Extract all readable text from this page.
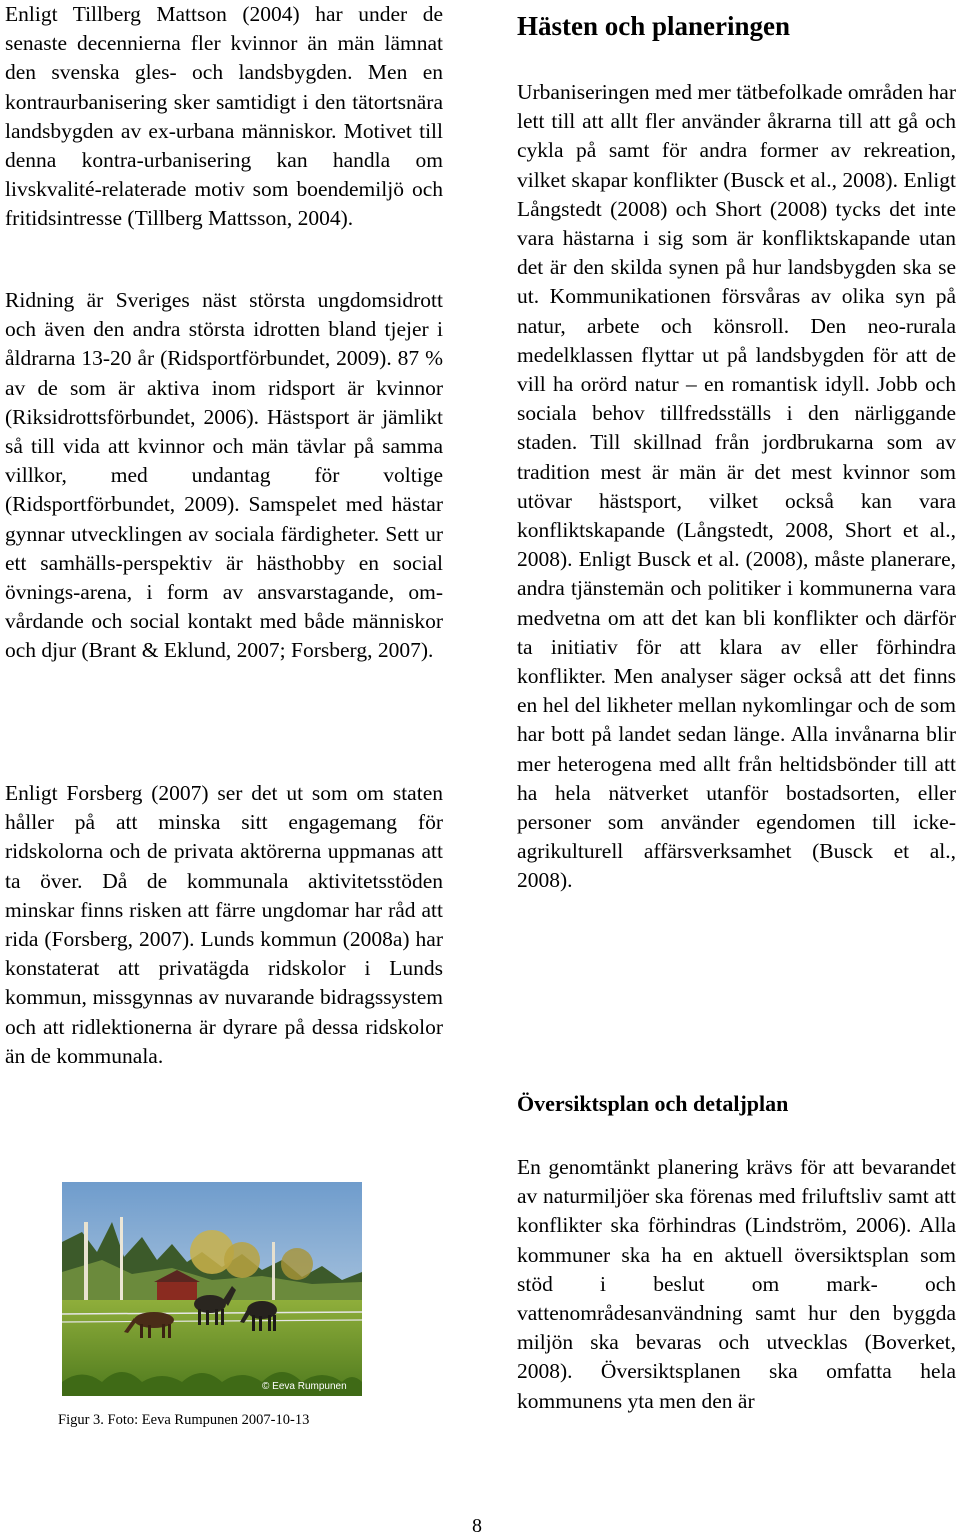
Enligt Tillberg Mattson (2004) har under de senaste decennierna fler kvinnor än män lämnat den svenska gles- och landsbygden. Men en kontraurbanisering sker samtidigt i den tätortsnära landsbygden av ex-urbana människor. Motivet till denna kontra-urbanisering kan handla om livskvalité-relaterade motiv som boendemiljö och fritidsintresse (Tillberg Mattsson, 2004).

Ridning är Sveriges näst största ungdomsidrott och även den andra största idrotten bland tjejer i åldrarna 13-20 år (Ridsportförbundet, 2009). 87 % av de som är aktiva inom ridsport är kvinnor (Riksidrottsförbundet, 2006). Hästsport är jämlikt så till vida att kvinnor och män tävlar på samma villkor, med undantag för voltige (Ridsportförbundet, 2009). Samspelet med hästar gynnar utvecklingen av sociala färdigheter. Sett ur ett samhälls-perspektiv är hästhobby en social övnings-arena, i form av ansvarstagande, om-vårdande och social kontakt med både människor och djur (Brant & Eklund, 2007; Forsberg, 2007).

Enligt Forsberg (2007) ser det ut som om staten håller på att minska sitt engagemang för ridskolorna och de privata aktörerna uppmanas att ta över. Då de kommunala aktivitetsstöden minskar finns risken att färre ungdomar har råd att rida (Forsberg, 2007). Lunds kommun (2008a) har konstaterat att privatägda ridskolor i Lunds kommun, missgynnas av nuvarande bidragssystem och att ridlektionerna är dyrare på dessa ridskolor än de kommunala.

© Eeva Rumpunen
Figur 3. Foto: Eeva Rumpunen 2007-10-13
Hästen och planeringen

Urbaniseringen med mer tätbefolkade områden har lett till att allt fler använder åkrarna till att gå och cykla på samt för andra former av rekreation, vilket skapar konflikter (Busck et al., 2008). Enligt Långstedt (2008) och Short (2008) tycks det inte vara hästarna i sig som är konfliktskapande utan det är den skilda synen på hur landsbygden ska se ut. Kommunikationen försvåras av olika syn på natur, arbete och könsroll. Den neo-rurala medelklassen flyttar ut på landsbygden för att de vill ha orörd natur – en romantisk idyll. Jobb och sociala behov tillfredsställs i den närliggande staden. Till skillnad från jordbrukarna som av tradition mest är män är det mest kvinnor som utövar hästsport, vilket också kan vara konfliktskapande (Långstedt, 2008, Short et al., 2008). Enligt Busck et al. (2008), måste planerare, andra tjänstemän och politiker i kommunerna vara medvetna om att det kan bli konflikter och därför ta initiativ för att klara av eller förhindra konflikter. Men analyser säger också att det finns en hel del likheter mellan nykomlingar och de som har bott på landet sedan länge. Alla invånarna blir mer heterogena med allt från heltidsbönder till att ha hela nätverket utanför bostadsorten, eller personer som använder egendomen till icke-agrikulturell affärsverksamhet (Busck et al., 2008).

Översiktsplan och detaljplan

En genomtänkt planering krävs för att bevarandet av naturmiljöer ska förenas med friluftsliv samt att konflikter ska förhindras (Lindström, 2006). Alla kommuner ska ha en aktuell översiktsplan som stöd i beslut om mark- och vattenområdesanvändning samt hur den byggda miljön ska bevaras och utvecklas (Boverket, 2008). Översiktsplanen ska omfatta hela kommunens yta men den är

8
